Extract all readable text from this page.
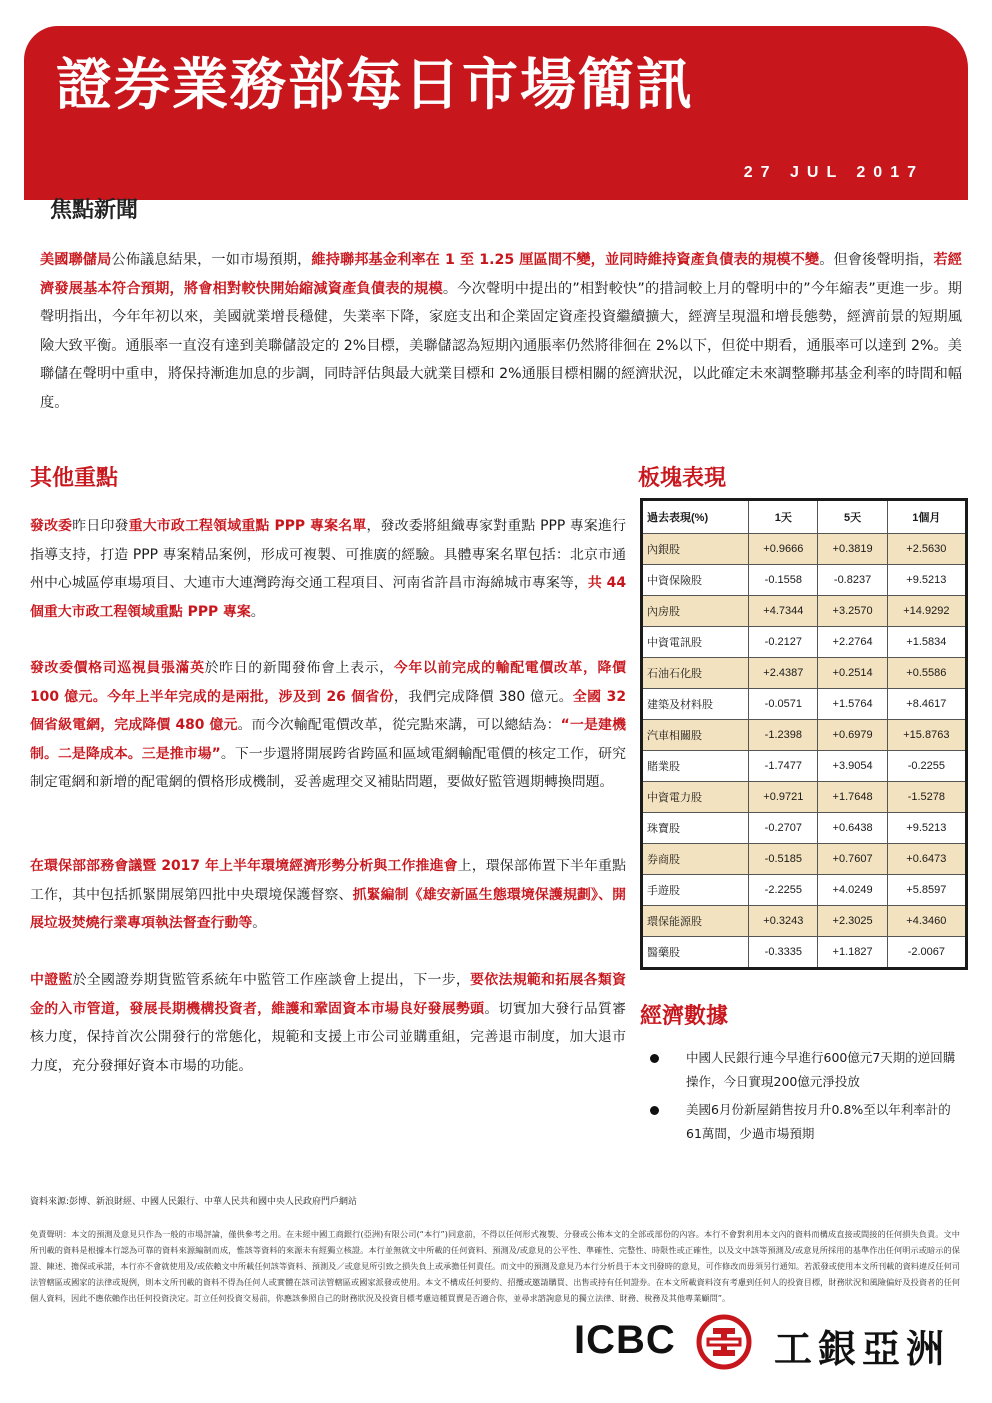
證券業務部每日市場簡訊
27 JUL 2017
焦點新聞
美國聯儲局公佈議息結果，一如市場預期，維持聯邦基金利率在 1 至 1.25 厘區間不變，並同時維持資產負債表的規模不變。但會後聲明指，若經濟發展基本符合預期，將會相對較快開始縮減資產負債表的規模。今次聲明中提出的”相對較快”的措詞較上月的聲明中的”今年縮表”更進一步。期聲明指出，今年年初以來，美國就業增長穩健，失業率下降，家庭支出和企業固定資產投資繼續擴大，經濟呈現溫和增長態勢，經濟前景的短期風險大致平衡。通脹率一直沒有達到美聯儲設定的 2%目標，美聯儲認為短期內通脹率仍然將徘徊在 2%以下，但從中期看，通脹率可以達到 2%。美聯儲在聲明中重申，將保持漸進加息的步調，同時評估與最大就業目標和 2%通脹目標相關的經濟狀況，以此確定未來調整聯邦基金利率的時間和幅度。
其他重點
發改委昨日印發重大市政工程領域重點 PPP 專案名單，發改委將組織專家對重點 PPP 專案進行指導支持，打造 PPP 專案精品案例，形成可複製、可推廣的經驗。具體專案名單包括：北京市通州中心城區停車場項目、大連市大連灣跨海交通工程項目、河南省許昌市海綿城市專案等，共 44 個重大市政工程領域重點 PPP 專案。
發改委價格司巡視員張滿英於昨日的新聞發佈會上表示，今年以前完成的輸配電價改革，降價 100 億元。今年上半年完成的是兩批，涉及到 26 個省份，我們完成降價 380 億元。全國 32 個省級電網，完成降價 480 億元。而今次輸配電價改革，從完點來講，可以總結為：“一是建機制。二是降成本。三是推市場”。下一步還將開展跨省跨區和區域電網輸配電價的核定工作，研究制定電網和新增的配電網的價格形成機制，妥善處理交叉補貼問題，要做好監管週期轉換問題。
在環保部部務會議暨 2017 年上半年環境經濟形勢分析與工作推進會上，環保部佈置下半年重點工作，其中包括抓緊開展第四批中央環境保護督察、抓緊編制《雄安新區生態環境保護規劃》、開展垃圾焚燒行業專項執法督查行動等。
中證監於全國證券期貨監管系統年中監管工作座談會上提出，下一步，要依法規範和拓展各類資金的入市管道，發展長期機構投資者，維護和鞏固資本市場良好發展勢頭。切實加大發行品質審核力度，保持首次公開發行的常態化，規範和支援上市公司並購重組，完善退市制度，加大退市力度，充分發揮好資本市場的功能。
板塊表現
過去表現(%)	1天	5天	1個月
內銀股	+0.9666	+0.3819	+2.5630
中資保險股	-0.1558	-0.8237	+9.5213
內房股	+4.7344	+3.2570	+14.9292
中資電訊股	-0.2127	+2.2764	+1.5834
石油石化股	+2.4387	+0.2514	+0.5586
建築及材料股	-0.0571	+1.5764	+8.4617
汽車相關股	-1.2398	+0.6979	+15.8763
賭業股	-1.7477	+3.9054	-0.2255
中資電力股	+0.9721	+1.7648	-1.5278
珠寶股	-0.2707	+0.6438	+9.5213
券商股	-0.5185	+0.7607	+0.6473
手遊股	-2.2255	+4.0249	+5.8597
環保能源股	+0.3243	+2.3025	+4.3460
醫藥股	-0.3335	+1.1827	-2.0067
經濟數據
中國人民銀行連今早進行600億元7天期的逆回購操作，今日實現200億元淨投放
美國6月份新屋銷售按月升0.8%至以年利率計的61萬間，少過市場預期
資料來源:彭博、新浪財經、中國人民銀行、中華人民共和國中央人民政府門戶網站
免責聲明：本文的預測及意見只作為一般的市場評論，僅供參考之用。在未經中國工商銀行(亞洲)有限公司(“本行”)同意前，不得以任何形式複製、分發或公佈本文的全部或部份的內容。本行不會對利用本文內的資料而構成直接或間接的任何損失負責。文中所刊載的資料是根據本行認為可靠的資料來源編制而成，惟該等資料的來源未有經獨立核證。本行並無就文中所載的任何資料、預測及/或意見的公平性、準確性、完整性、時限性或正確性，以及文中該等預測及/或意見所採用的基準作出任何明示或暗示的保證、陳述、擔保或承諾，本行亦不會就使用及/或依賴文中所載任何該等資料、預測及／或意見所引致之損失負上或承擔任何責任。而文中的預測及意見乃本行分析員于本文刊發時的意見，可作修改而毋須另行通知。若派發或使用本文所刊載的資料違反任何司法管轄區或國家的法律或規例，則本文所刊載的資料不得為任何人或實體在該司法管轄區或國家派發或使用。本文不構成任何要約、招攬或邀請購買、出售或持有任何證券。在本文所載資料沒有考慮到任何人的投資目標，財務狀況和風險偏好及投資者的任何個人資料，因此不應依賴作出任何投資決定。訂立任何投資交易前，你應該參照自己的財務狀況及投資目標考慮這種買賣是否適合你，並尋求諮詢意見的獨立法律、財務、稅務及其他專業顧問”。
ICBC	工銀亞洲
